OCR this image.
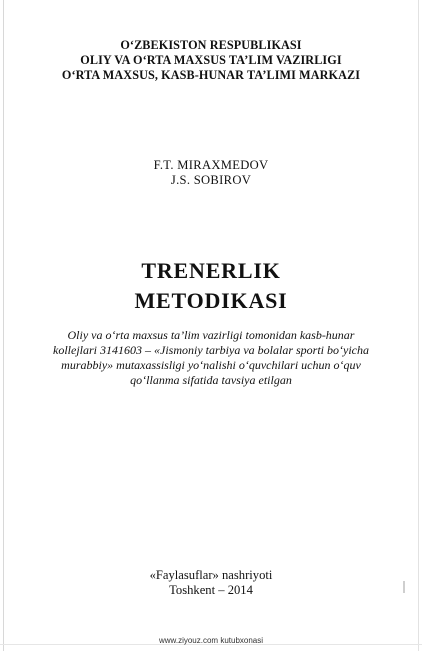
O‘ZBEKISTON RESPUBLIKASI
OLIY VA O‘RTA MAXSUS TA’LIM VAZIRLIGI
O‘RTA MAXSUS, KASB-HUNAR TA’LIMI MARKAZI
F.T. MIRAXMEDOV
J.S. SOBIROV
TRENERLIK
METODIKASI
Oliy va o‘rta maxsus ta’lim vazirligi tomonidan kasb-hunar
kollejlari 3141603 – «Jismoniy tarbiya va bolalar sporti bo‘yicha
murabbiy» mutaxassisligi yo‘nalishi o‘quvchilari uchun o‘quv
qo‘llanma sifatida tavsiya etilgan
«Faylasuflar» nashriyoti
Toshkent – 2014
www.ziyouz.com kutubxonasi
